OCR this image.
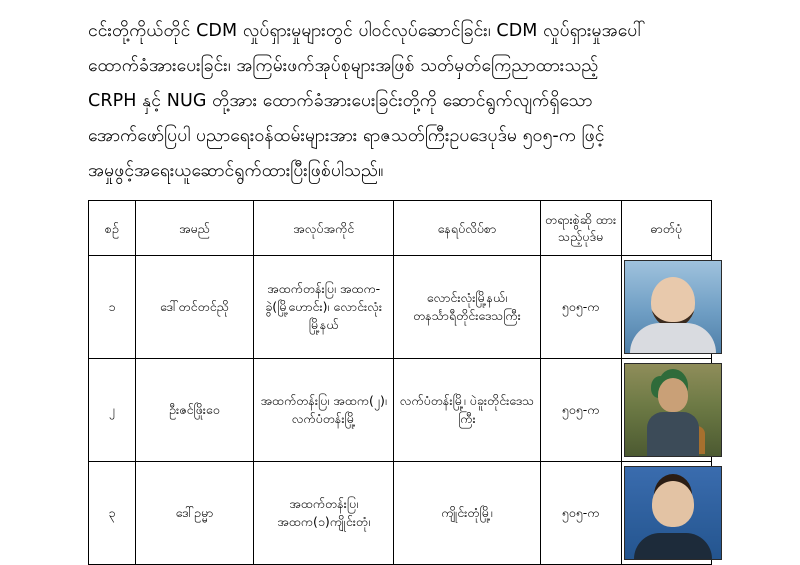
ငင်းတို့ကိုယ်တိုင် CDM လှုပ်ရှားမှုများတွင် ပါဝင်လုပ်ဆောင်ခြင်း၊ CDM လှုပ်ရှားမှုအပေါ်
ထောက်ခံအားပေးခြင်း၊ အကြမ်းဖက်အုပ်စုများအဖြစ် သတ်မှတ်ကြေညာထားသည့်
CRPH နှင့် NUG တို့အား ထောက်ခံအားပေးခြင်းတို့ကို ဆောင်ရွက်လျက်ရှိသော
အောက်ဖော်ပြပါ ပညာရေးဝန်ထမ်းများအား ရာဇသတ်ကြီးဥပဒေပုဒ်မ ၅၀၅-က ဖြင့်
အမှုဖွင့်အရေးယူဆောင်ရွက်ထားပြီးဖြစ်ပါသည်။

စဉ်	အမည်	အလုပ်အကိုင်	နေရပ်လိပ်စာ	တရားစွဲဆို ထားသည့်ပုဒ်မ	ဓာတ်ပုံ
၁	ဒေါ်တင်တင်ညို	အထက်တန်းပြ၊ အထက-ခွဲ(မြို့ဟောင်း)၊ လောင်းလုံးမြို့နယ်	လောင်းလုံးမြို့နယ်၊ တနင်္သာရီတိုင်းဒေသကြီး	၅၀၅-က	

၂	ဦးဇင်ဖြိုးဝေ	အထက်တန်းပြ၊ အထက(၂)၊ လက်ပံတန်းမြို့	လက်ပံတန်းမြို့၊ ပဲခူးတိုင်းဒေသကြီး	၅၀၅-က	

၃	ဒေါ်ဥမ္မာ	အထက်တန်းပြ၊ အထက(၁)ကျိုင်းတုံ၊	ကျိုင်းတုံမြို့၊	၅၀၅-က	
